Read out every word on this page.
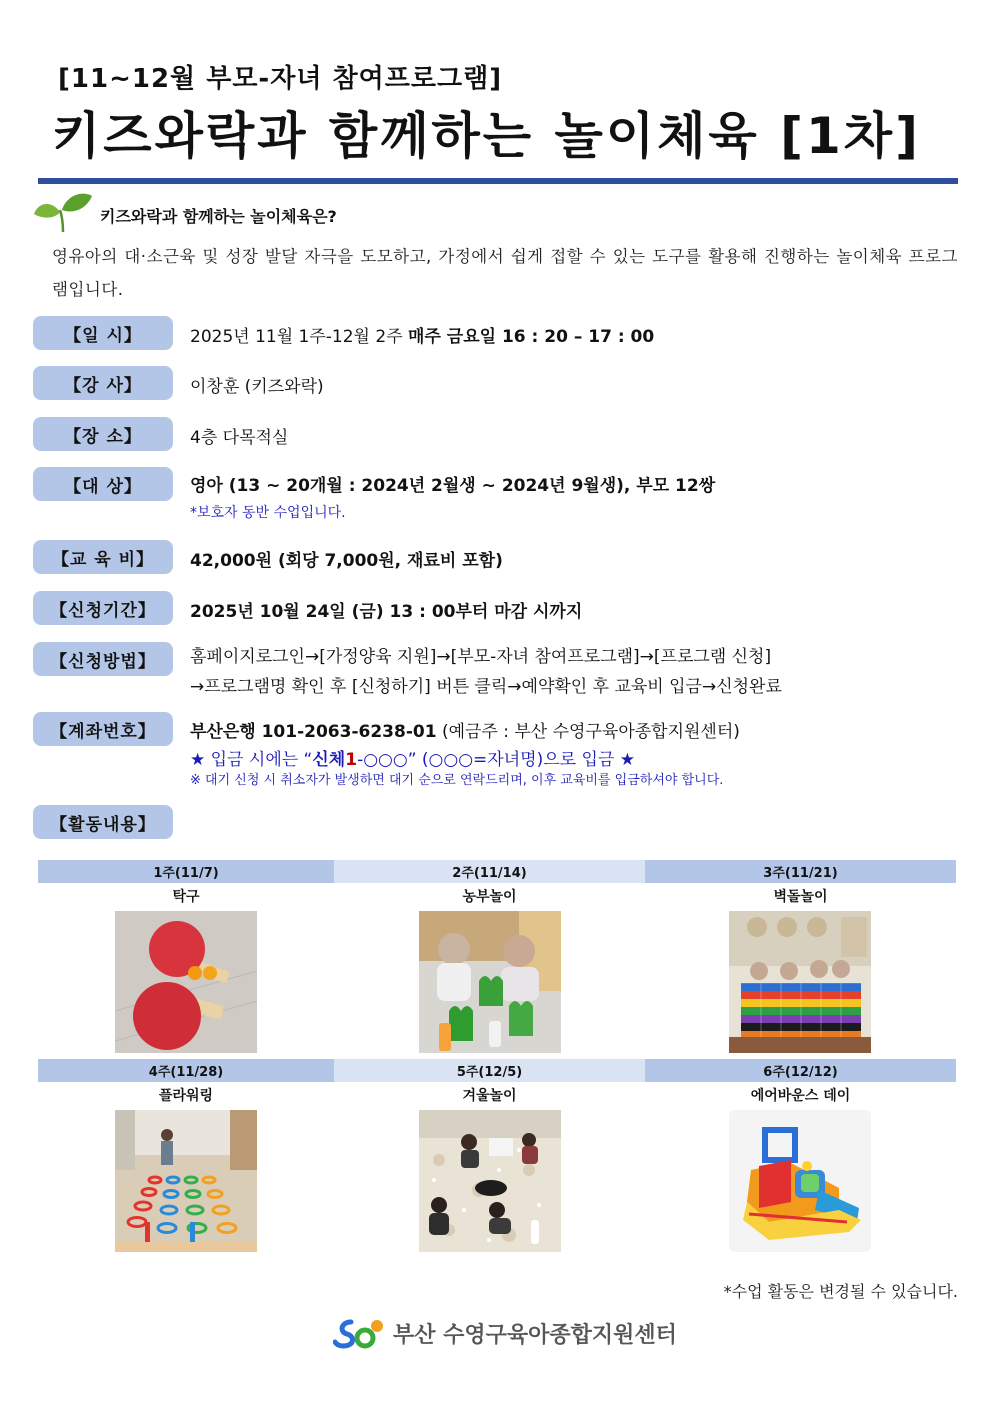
[11~12월 부모-자녀 참여프로그램]
키즈와락과 함께하는 놀이체육 [1차]
키즈와락과 함께하는 놀이체육은?
영유아의 대·소근육 및 성장 발달 자극을 도모하고, 가정에서 쉽게 접할 수 있는 도구를 활용해 진행하는 놀이체육 프로그램입니다.
【일 시】	2025년 11월 1주-12월 2주 매주 금요일 16 : 20 – 17 : 00
【강 사】	이창훈 (키즈와락)
【장 소】	4층 다목적실
【대 상】	영아 (13 ~ 20개월 : 2024년 2월생 ~ 2024년 9월생), 부모 12쌍
*보호자 동반 수업입니다.
【교 육 비】	42,000원 (회당 7,000원, 재료비 포함)
【신청기간】	2025년 10월 24일 (금) 13 : 00부터 마감 시까지
【신청방법】	홈페이지로그인→[가정양육 지원]→[부모-자녀 참여프로그램]→[프로그램 신청]
→프로그램명 확인 후 [신청하기] 버튼 클릭→예약확인 후 교육비 입금→신청완료
【계좌번호】	부산은행 101-2063-6238-01 (예금주 : 부산 수영구육아종합지원센터)
★ 입금 시에는 “신체1-○○○” (○○○=자녀명)으로 입금 ★
※ 대기 신청 시 취소자가 발생하면 대기 순으로 연락드리며, 이후 교육비를 입금하셔야 합니다.
【활동내용】
1주(11/7)	2주(11/14)	3주(11/21)
탁구	농부놀이	벽돌놀이
4주(11/28)	5주(12/5)	6주(12/12)
플라워링	겨울놀이	에어바운스 데이
*수업 활동은 변경될 수 있습니다.
부산 수영구육아종합지원센터
